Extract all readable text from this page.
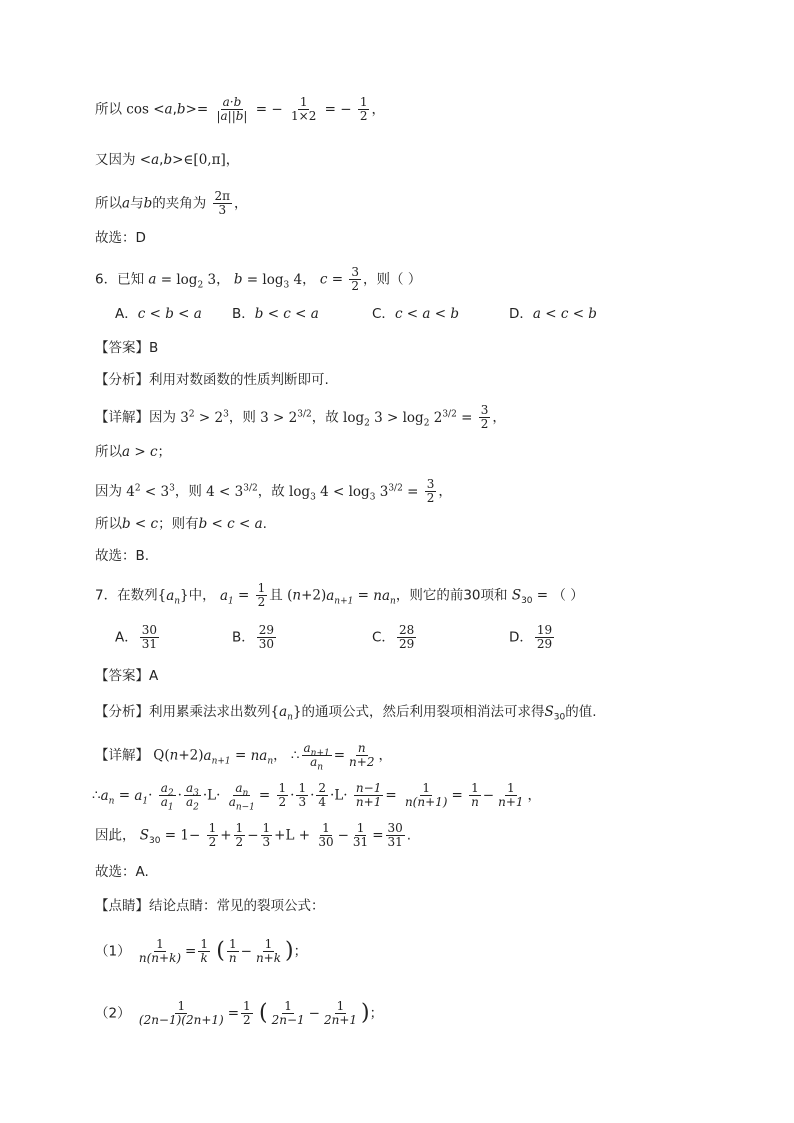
所以 $\cos <a,b>= \frac{a\cdot b}{|a||b|}$ = − $\frac{1}{1\times 2}$ = − $\frac{1}{2}$ ，
又因为 <a,b>∈[0,π]，
所以a与b的夹角为 $\frac{2\pi}{3}$ ，
故选：D
6．已知 $a = \log_2 3$， $b = \log_3 4$， $c = \frac{3}{2}$ ，则（ ）
A．c < b < a B．b < c < a	C．c < a < b	D．a < c < b
【答案】B
【分析】利用对数函数的性质判断即可.
【详解】因为 $3^2 > 2^3$，则 $3 > 2^{3/2}$，故 $\log_2 3 > \log_2 2^{3/2} = \frac{3}{2}$ ，
所以a > c；
因为 $4^2 < 3^3$，则 $4 < 3^{3/2}$，故 $\log_3 4 < \log_3 3^{3/2} = \frac{3}{2}$ ，
所以b < c；则有b < c < a.
故选：B.
7．在数列$\{a_n\}$中， $a_1 = \frac{1}{2}$ 且 $(n+2)a_{n+1} = na_n$，则它的前30项和 $S_{30}$ = （ ）
A． $\frac{30}{31}$	B． $\frac{29}{30}$	C． $\frac{28}{29}$	D． $\frac{19}{29}$
【答案】A
【分析】利用累乘法求出数列$\{a_n\}$的通项公式，然后利用裂项相消法可求得$S_{30}$的值.
【详解】 $Q(n+2)a_{n+1} = na_n$， ∴ $\frac{a_{n+1}}{a_n} = \frac{n}{n+2}$ ，
$\therefore a_n = a_1\cdot \frac{a_2}{a_1} \cdot \frac{a_3}{a_2} \cdot L\cdot \frac{a_n}{a_{n-1}} = \frac{1}{2} \cdot \frac{1}{3} \cdot \frac{2}{4} \cdot L\cdot \frac{n-1}{n+1} = \frac{1}{n(n+1)} = \frac{1}{n} - \frac{1}{n+1}$ ，
因此， $S_{30} = 1- \frac{1}{2} + \frac{1}{2} - \frac{1}{3} +L + \frac{1}{30} - \frac{1}{31} = \frac{30}{31}$ .
故选：A.
【点睛】结论点睛：常见的裂项公式：
$(1) \frac{1}{n(n+k)} = \frac{1}{k}$ ( $\frac{1}{n} - \frac{1}{n+k}$ )；
$(2) \frac{1}{(2n-1)(2n+1)} = \frac{1}{2}$ ( $\frac{1}{2n-1} - \frac{1}{2n+1}$ )；
